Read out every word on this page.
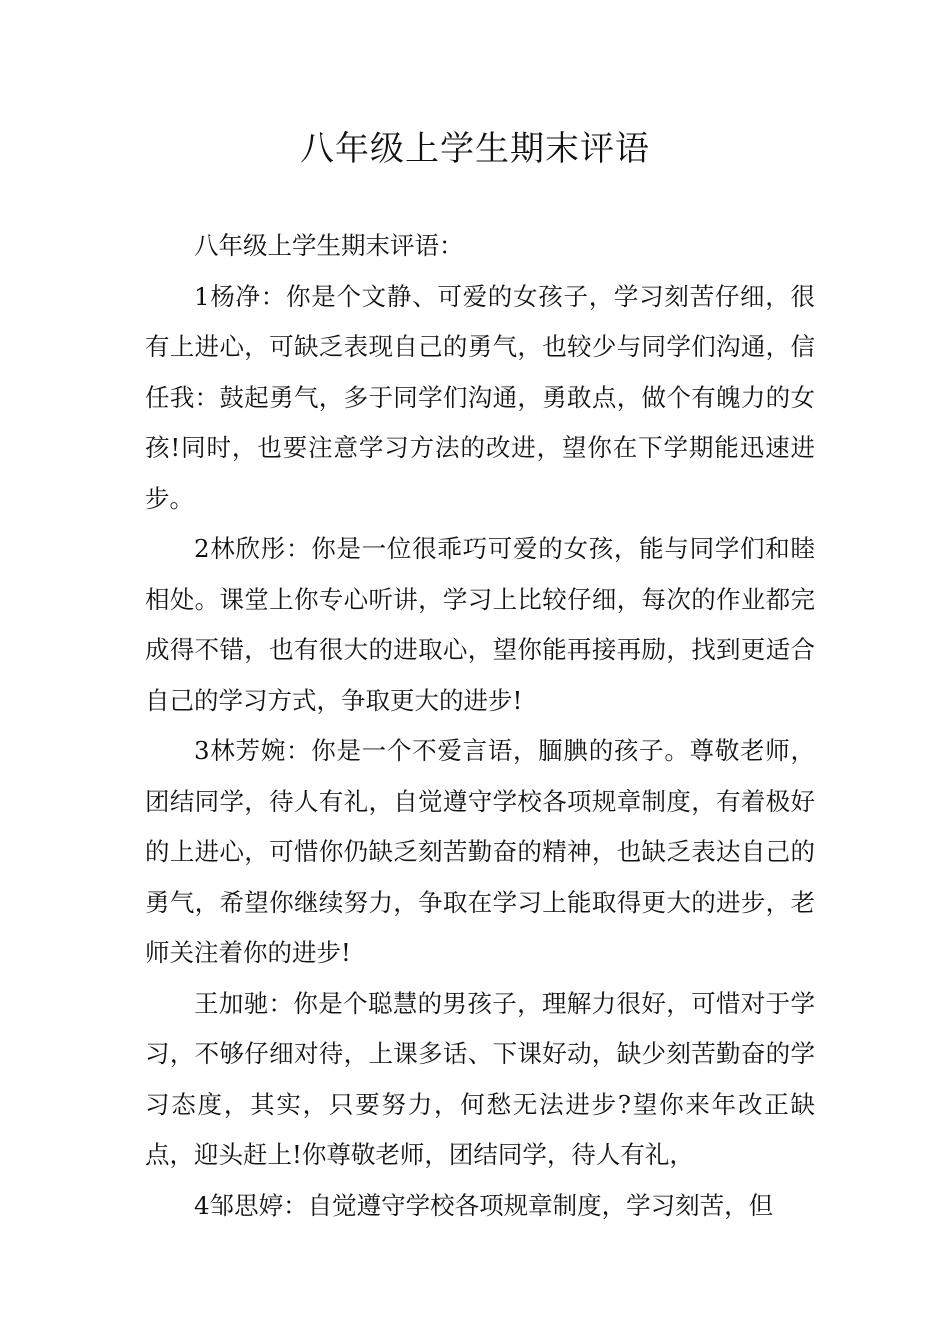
八年级上学生期末评语

八年级上学生期末评语：

1杨净：你是个文静、可爱的女孩子，学习刻苦仔细，很有上进心，可缺乏表现自己的勇气，也较少与同学们沟通，信任我：鼓起勇气，多于同学们沟通，勇敢点，做个有魄力的女孩!同时，也要注意学习方法的改进，望你在下学期能迅速进步。

2林欣彤：你是一位很乖巧可爱的女孩，能与同学们和睦相处。课堂上你专心听讲，学习上比较仔细，每次的作业都完成得不错，也有很大的进取心，望你能再接再励，找到更适合自己的学习方式，争取更大的进步!

3林芳婉：你是一个不爱言语，腼腆的孩子。尊敬老师，团结同学，待人有礼，自觉遵守学校各项规章制度，有着极好的上进心，可惜你仍缺乏刻苦勤奋的精神，也缺乏表达自己的勇气，希望你继续努力，争取在学习上能取得更大的进步，老师关注着你的进步!

王加驰：你是个聪慧的男孩子，理解力很好，可惜对于学习，不够仔细对待，上课多话、下课好动，缺少刻苦勤奋的学习态度，其实，只要努力，何愁无法进步?望你来年改正缺点，迎头赶上!你尊敬老师，团结同学，待人有礼，

4邹思婷：自觉遵守学校各项规章制度，学习刻苦，但
